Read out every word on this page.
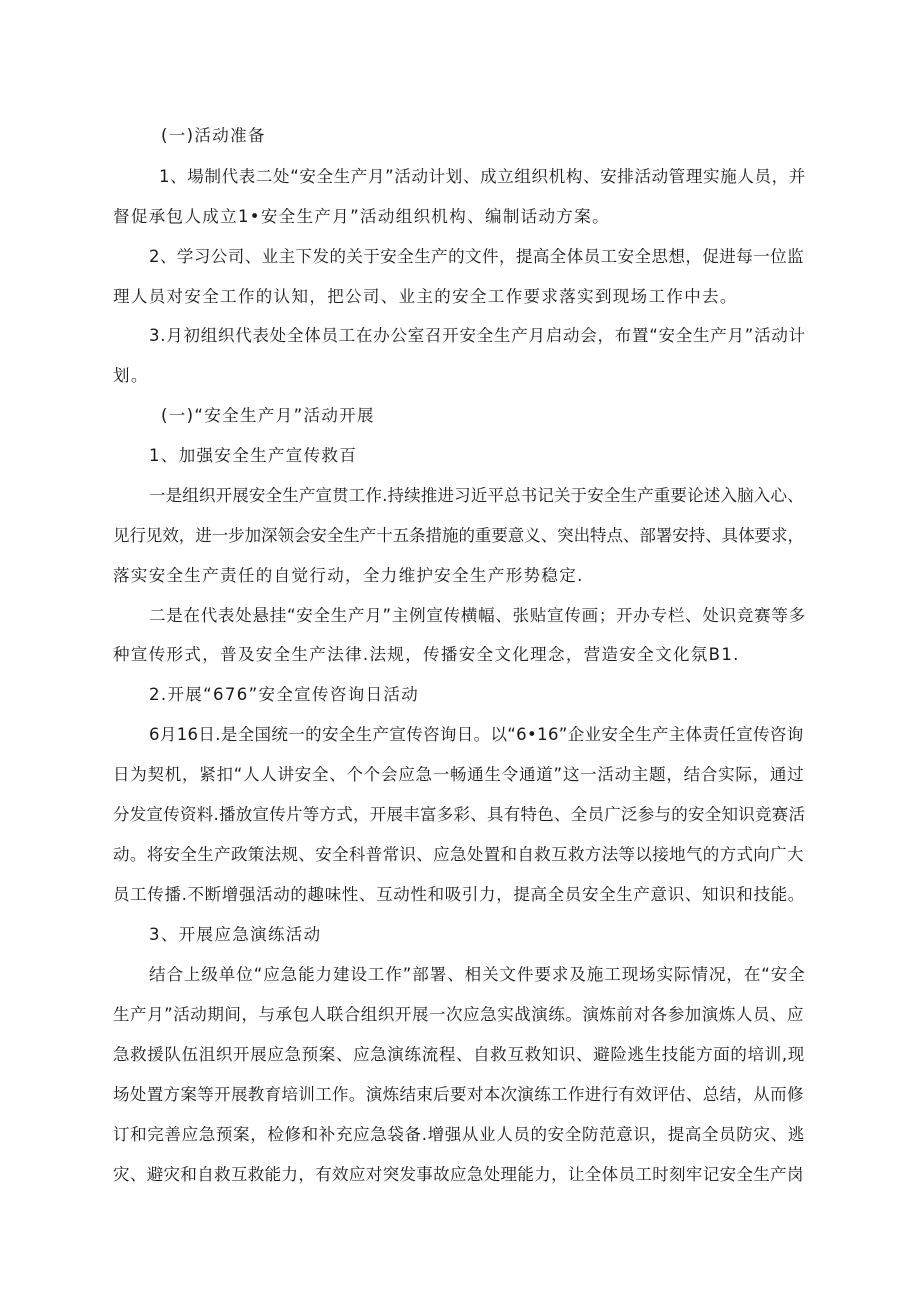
(一)活动准备
1、場制代表二处“安全生产月”活动计划、成立组织机构、安排活动管理实施人员，并
督促承包人成立1•安全生产月”活动组织机构、编制话动方案。
2、学习公司、业主下发的关于安全生产的文件，提高全体员工安全思想，促进每一位监
理人员对安全工作的认知，把公司、业主的安全工作要求落实到现场工作中去。
3.月初组织代表处全体员工在办公室召开安全生产月启动会，布置“安全生产月”活动计
划。
(一)“安全生产月”活动开展
1、加强安全生产宣传救百
一是组织开展安全生产宣贯工作.持续推进习近平总书记关于安全生产重要论述入脑入心、
见行见效，进一步加深领会安全生产十五条措施的重要意义、突出特点、部署安持、具体要求，
落实安全生产责任的自觉行动，全力维护安全生产形势稳定.
二是在代表处悬挂“安全生产月”主例宣传横幅、张贴宣传画；开办专栏、处识竞赛等多
种宣传形式，普及安全生产法律.法规，传播安全文化理念，营造安全文化氛B1.
2.开展“676”安全宣传咨询日活动
6月16日.是全国统一的安全生产宣传咨询日。以“6•16”企业安全生产主体责任宣传咨询
日为契机，紧扣“人人讲安全、个个会应急一畅通生令通道”这一活动主题，结合实际，通过
分发宣传资料.播放宣传片等方式，开展丰富多彩、具有特色、全员广泛参与的安全知识竞赛活
动。将安全生产政策法规、安全科普常识、应急处置和自救互救方法等以接地气的方式向广大
员工传播.不断增强活动的趣味性、互动性和吸引力，提高全员安全生产意识、知识和技能。
3、开展应急演练活动
结合上级单位“应急能力建设工作”部署、相关文件要求及施工现场实际情况，在“安全
生产月”活动期间，与承包人联合组织开展一次应急实战演练。演炼前对各参加演炼人员、应
急救援队伍沮织开展应急预案、应急演练流程、自救互救知识、避险逃生技能方面的培训,现
场处置方案等开展教育培训工作。演炼结束后要对本次演练工作进行有效评估、总结，从而修
订和完善应急预案，检修和补充应急袋备.增强从业人员的安全防范意识，提高全员防灾、逃
灾、避灾和自救互救能力，有效应对突发事故应急处理能力，让全体员工时刻牢记安全生产岗
